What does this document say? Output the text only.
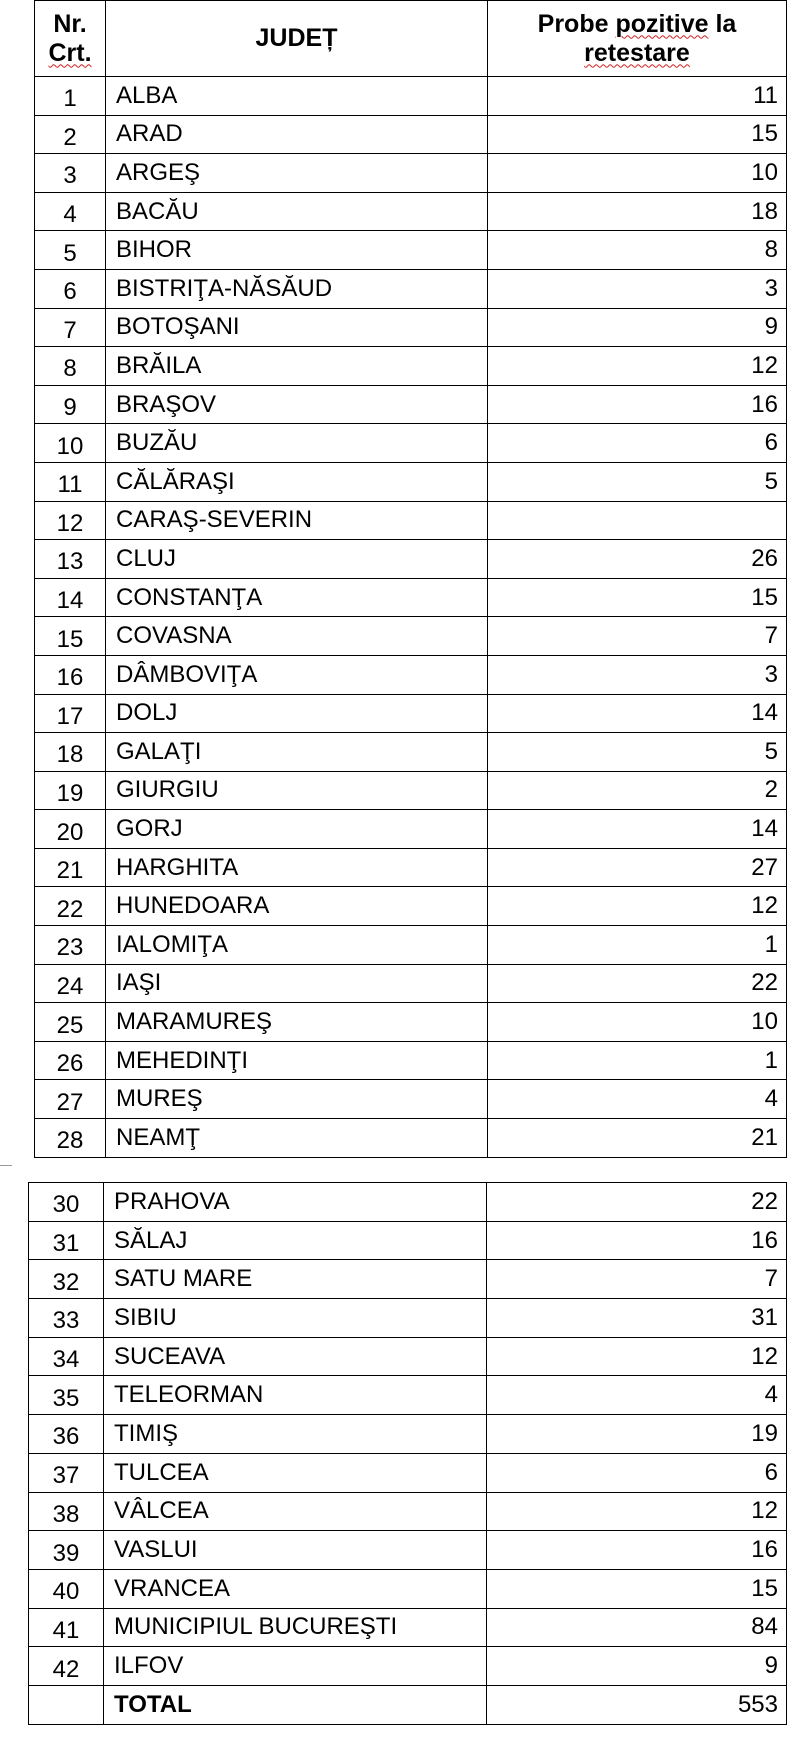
Nr.
Crt.	JUDEȚ	Probe pozitive la
retestare
1	ALBA	11
2	ARAD	15
3	ARGEŞ	10
4	BACĂU	18
5	BIHOR	8
6	BISTRIŢA-NĂSĂUD	3
7	BOTOŞANI	9
8	BRĂILA	12
9	BRAŞOV	16
10	BUZĂU	6
11	CĂLĂRAŞI	5
12	CARAŞ-SEVERIN	
13	CLUJ	26
14	CONSTANŢA	15
15	COVASNA	7
16	DÂMBOVIŢA	3
17	DOLJ	14
18	GALAŢI	5
19	GIURGIU	2
20	GORJ	14
21	HARGHITA	27
22	HUNEDOARA	12
23	IALOMIŢA	1
24	IAŞI	22
25	MARAMUREŞ	10
26	MEHEDINŢI	1
27	MUREŞ	4
28	NEAMŢ	21
30	PRAHOVA	22
31	SĂLAJ	16
32	SATU MARE	7
33	SIBIU	31
34	SUCEAVA	12
35	TELEORMAN	4
36	TIMIŞ	19
37	TULCEA	6
38	VÂLCEA	12
39	VASLUI	16
40	VRANCEA	15
41	MUNICIPIUL BUCUREŞTI	84
42	ILFOV	9
	TOTAL	553
